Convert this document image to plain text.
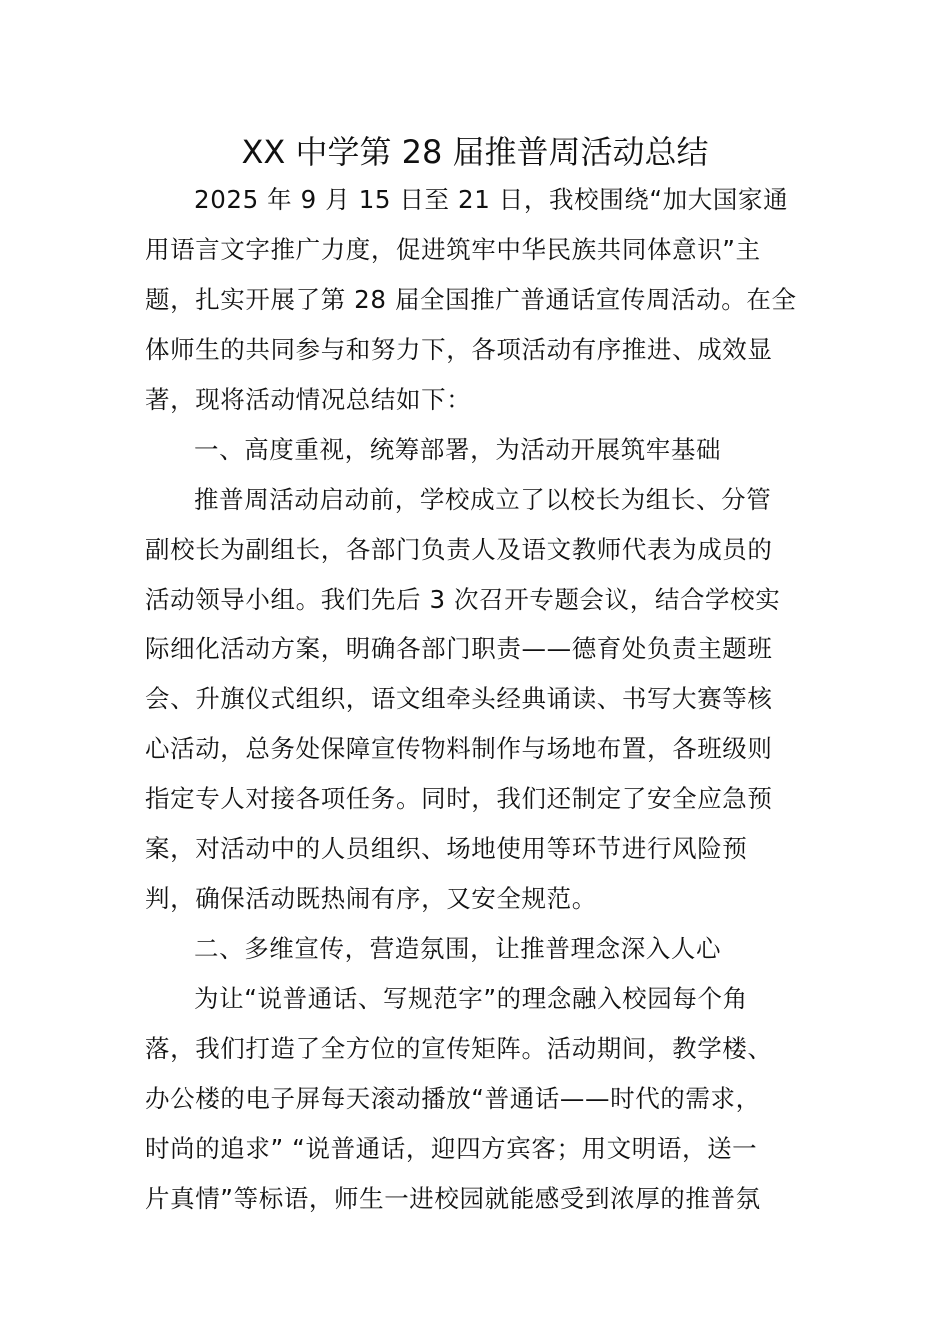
XX 中学第 28 届推普周活动总结
2025 年 9 月 15 日至 21 日，我校围绕“加大国家通
用语言文字推广力度，促进筑牢中华民族共同体意识”主
题，扎实开展了第 28 届全国推广普通话宣传周活动。在全
体师生的共同参与和努力下，各项活动有序推进、成效显
著，现将活动情况总结如下：
一、高度重视，统筹部署，为活动开展筑牢基础
推普周活动启动前，学校成立了以校长为组长、分管
副校长为副组长，各部门负责人及语文教师代表为成员的
活动领导小组。我们先后 3 次召开专题会议，结合学校实
际细化活动方案，明确各部门职责——德育处负责主题班
会、升旗仪式组织，语文组牵头经典诵读、书写大赛等核
心活动，总务处保障宣传物料制作与场地布置，各班级则
指定专人对接各项任务。同时，我们还制定了安全应急预
案，对活动中的人员组织、场地使用等环节进行风险预
判，确保活动既热闹有序，又安全规范。
二、多维宣传，营造氛围，让推普理念深入人心
为让“说普通话、写规范字”的理念融入校园每个角
落，我们打造了全方位的宣传矩阵。活动期间，教学楼、
办公楼的电子屏每天滚动播放“普通话——时代的需求，
时尚的追求” “说普通话，迎四方宾客；用文明语，送一
片真情”等标语，师生一进校园就能感受到浓厚的推普氛
